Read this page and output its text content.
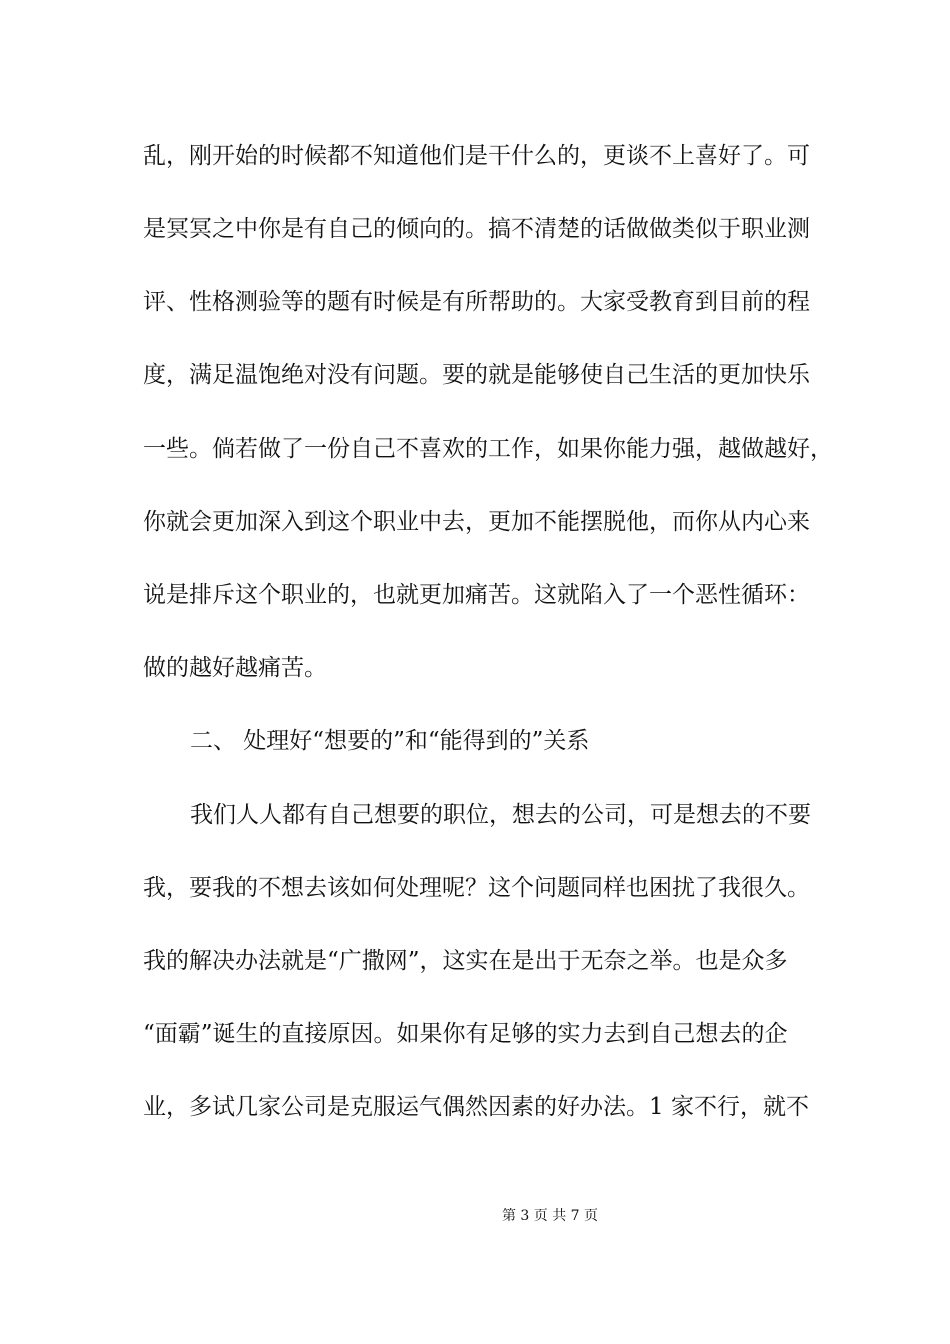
乱，刚开始的时候都不知道他们是干什么的，更谈不上喜好了。可
是冥冥之中你是有自己的倾向的。搞不清楚的话做做类似于职业测
评、性格测验等的题有时候是有所帮助的。大家受教育到目前的程
度，满足温饱绝对没有问题。要的就是能够使自己生活的更加快乐
一些。倘若做了一份自己不喜欢的工作，如果你能力强，越做越好，
你就会更加深入到这个职业中去，更加不能摆脱他，而你从内心来
说是排斥这个职业的，也就更加痛苦。这就陷入了一个恶性循环：
做的越好越痛苦。
二、 处理好“想要的”和“能得到的”关系
我们人人都有自己想要的职位，想去的公司，可是想去的不要
我，要我的不想去该如何处理呢？这个问题同样也困扰了我很久。
我的解决办法就是“广撒网”，这实在是出于无奈之举。也是众多
“面霸”诞生的直接原因。如果你有足够的实力去到自己想去的企
业，多试几家公司是克服运气偶然因素的好办法。1 家不行，就不
第 3 页 共 7 页
